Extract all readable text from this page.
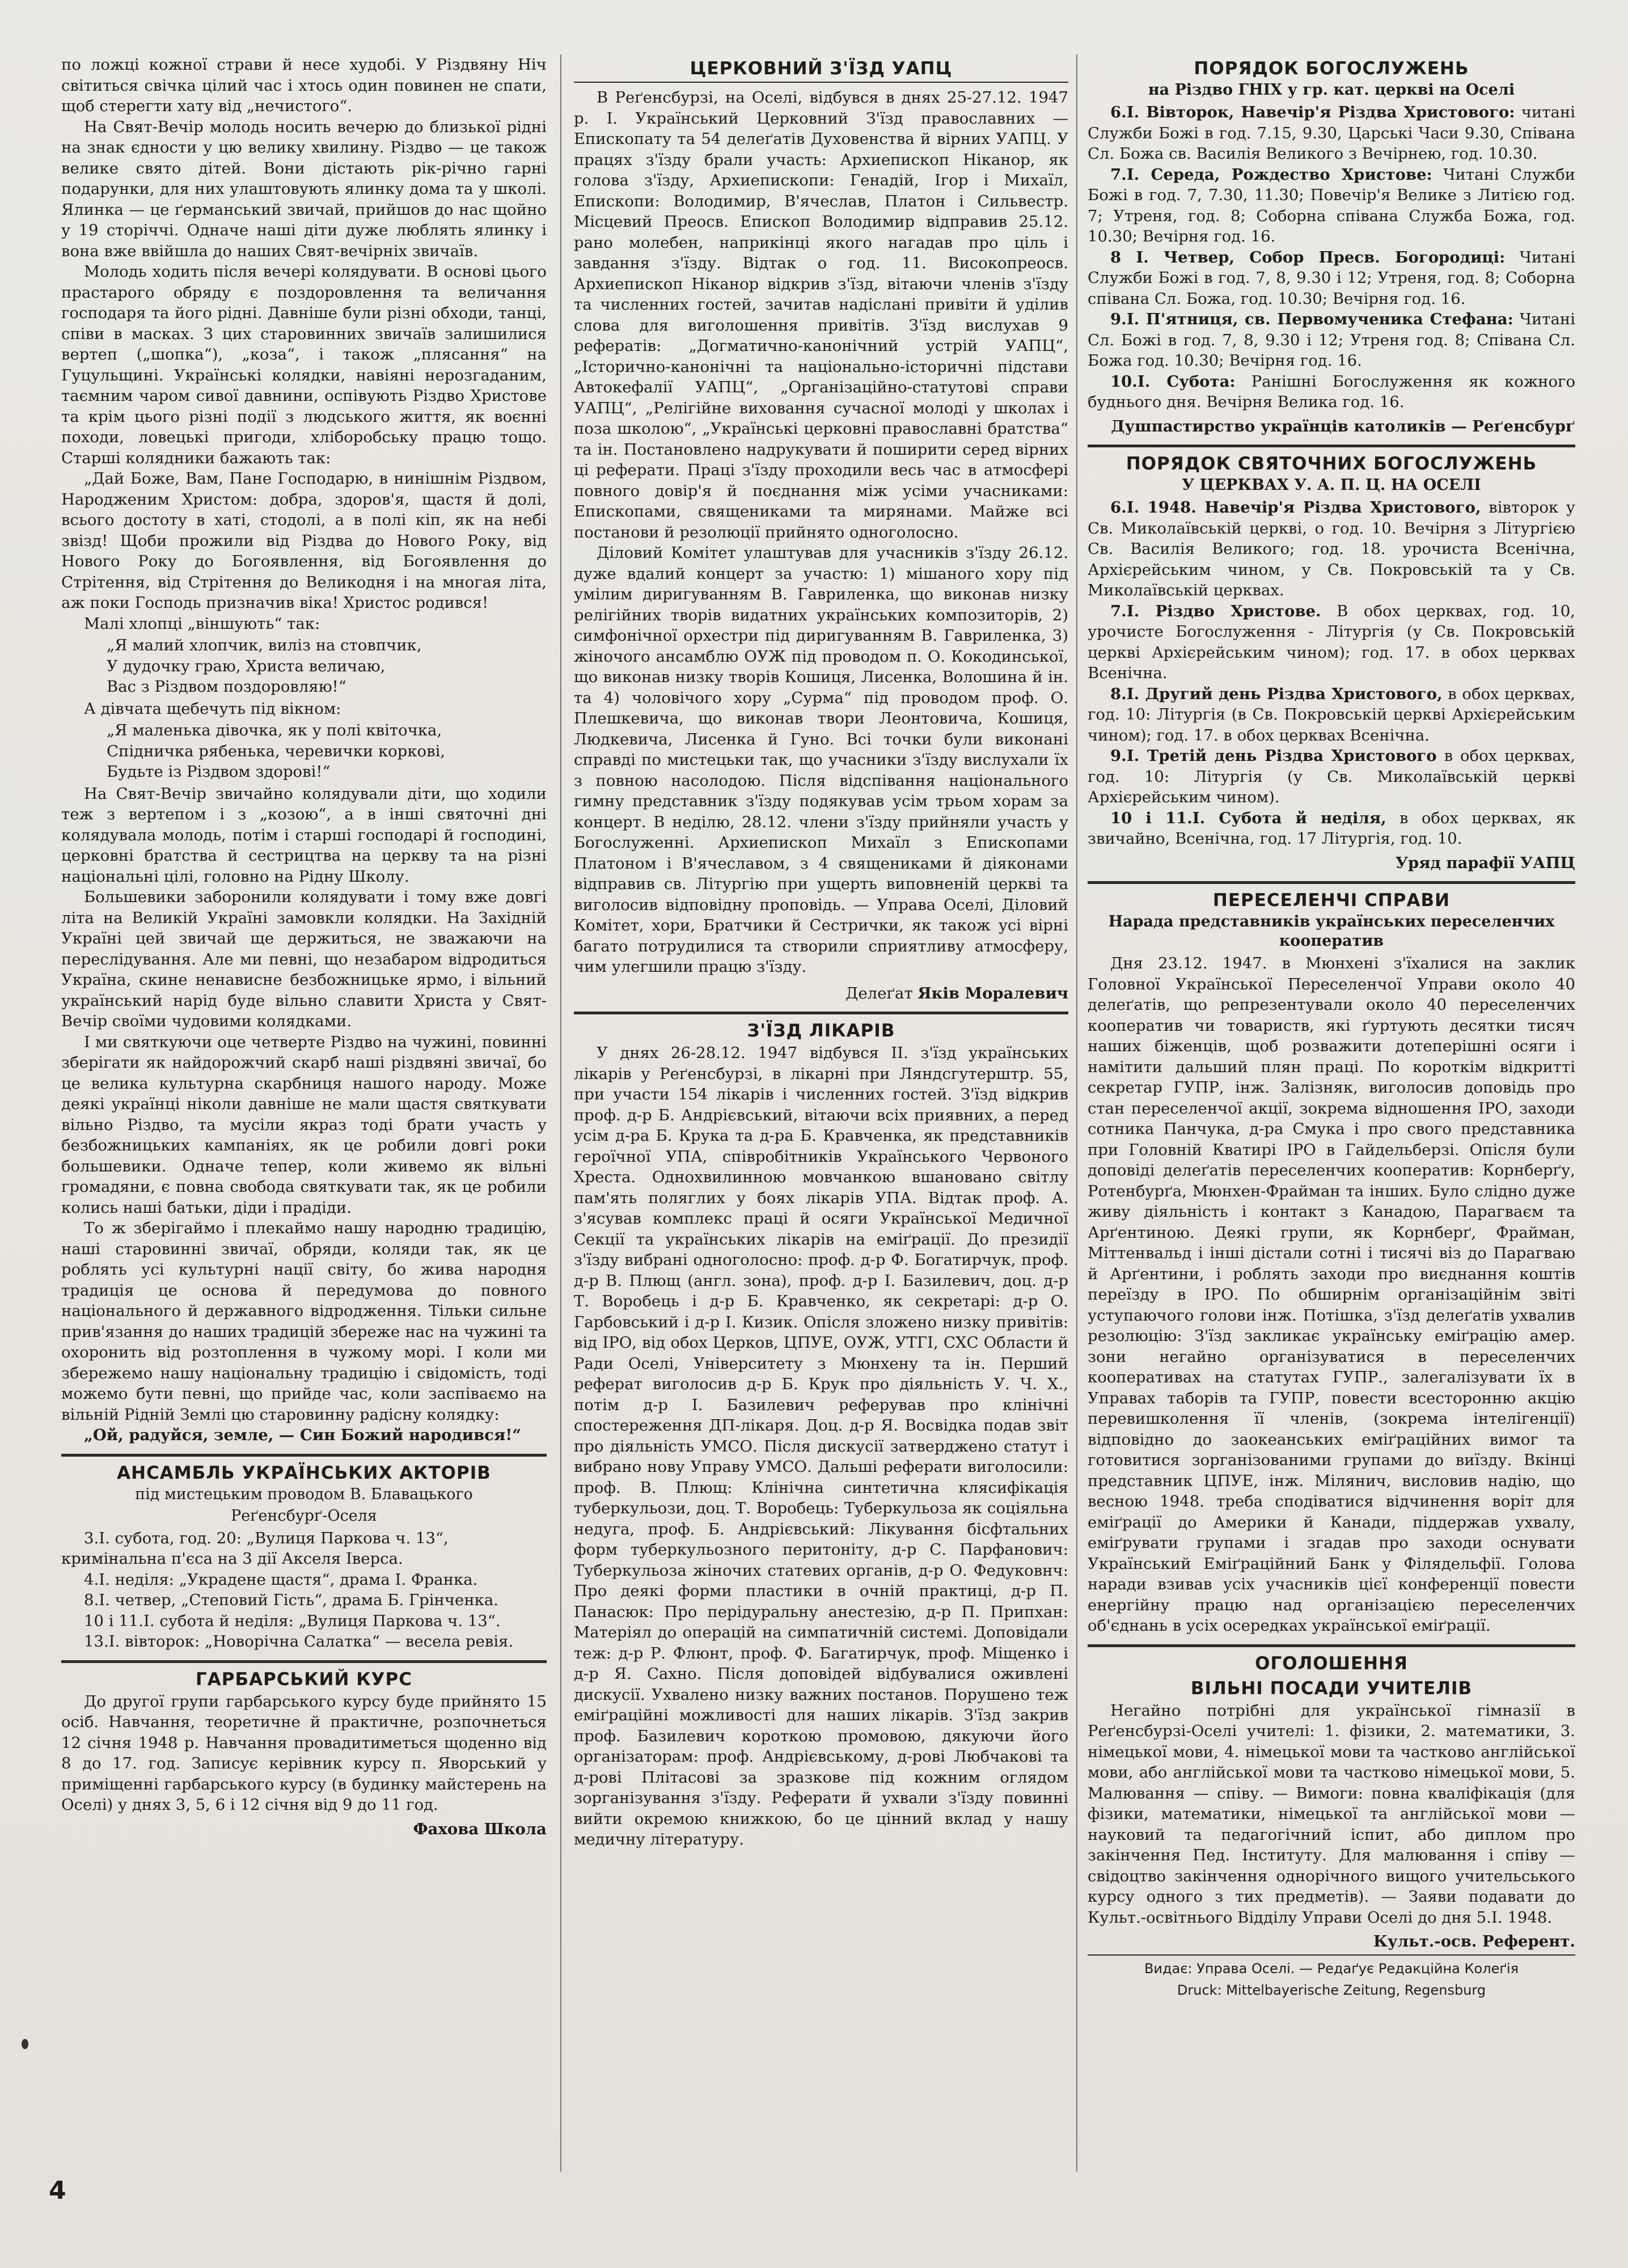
по ложці кожної страви й несе худобі. У Різдвяну Ніч світиться свічка цілий час і хтось один повинен не спати, щоб стерегти хату від „нечистого“.

На Свят-Вечір молодь носить вечерю до близької рідні на знак єдности у цю велику хвилину. Різдво — це також велике свято дітей. Вони дістають рік-річно гарні подарунки, для них улаштовують ялинку дома та у школі. Ялинка — це ґерманський звичай, прийшов до нас щойно у 19 сторіччі. Одначе наші діти дуже люблять ялинку і вона вже ввійшла до наших Свят-вечірніх звичаїв.

Молодь ходить після вечері колядувати. В основі цього прастарого обряду є поздоровлення та величання господаря та його рідні. Давніше були різні обходи, танці, співи в масках. З цих старовинних звичаїв залишилися вертеп („шопка“), „коза“, і також „плясання“ на Гуцульщині. Українські колядки, навіяні нерозгаданим, таємним чаром сивої давнини, оспівують Різдво Христове та крім цього різні події з людського життя, як воєнні походи, ловецькі пригоди, хліборобську працю тощо. Старші колядники бажають так:

„Дай Боже, Вам, Пане Господарю, в нинішнім Різдвом, Народженим Христом: добра, здоров'я, щастя й долі, всього достоту в хаті, стодолі, а в полі кіп, як на небі звізд! Щоби прожили від Різдва до Нового Року, від Нового Року до Богоявлення, від Богоявлення до Стрітення, від Стрітення до Великодня і на многая літа, аж поки Господь призначив віка! Христос родився!

Малі хлопці „віншують“ так:

„Я малий хлопчик, виліз на стовпчик,
У дудочку граю, Христа величаю,
Вас з Різдвом поздоровляю!“

А дівчата щебечуть під вікном:

„Я маленька дівочка, як у полі квіточка,
Спідничка рябенька, черевички коркові,
Будьте із Різдвом здорові!“

На Свят-Вечір звичайно колядували діти, що ходили теж з вертепом і з „козою“, а в інші святочні дні колядувала молодь, потім і старші господарі й господині, церковні братства й сестрицтва на церкву та на різні національні цілі, головно на Рідну Школу.

Большевики заборонили колядувати і тому вже довгі літа на Великій Україні замовкли колядки. На Західній Україні цей звичай ще держиться, не зважаючи на переслідування. Але ми певні, що незабаром відродиться Україна, скине ненависне безбожницьке ярмо, і вільний український нарід буде вільно славити Христа у Свят-Вечір своїми чудовими колядками.

І ми святкуючи оце четверте Різдво на чужині, повинні зберігати як найдорожчий скарб наші різдвяні звичаї, бо це велика культурна скарбниця нашого народу. Може деякі українці ніколи давніше не мали щастя святкувати вільно Різдво, та мусіли якраз тоді брати участь у безбожницьких кампаніях, як це робили довгі роки большевики. Одначе тепер, коли живемо як вільні громадяни, є повна свобода святкувати так, як це робили колись наші батьки, діди і прадіди.

То ж зберігаймо і плекаймо нашу народню традицію, наші старовинні звичаї, обряди, коляди так, як це роблять усі культурні нації світу, бо жива народня традиція це основа й передумова до повного національного й державного відродження. Тільки сильне прив'язання до наших традицій збереже нас на чужині та охоронить від розтоплення в чужому морі. І коли ми збережемо нашу національну традицію і свідомість, тоді можемо бути певні, що прийде час, коли заспіваємо на вільній Рідній Землі цю старовинну радісну колядку:

„Ой, радуйся, земле, — Син Божий народився!“

АНСАМБЛЬ УКРАЇНСЬКИХ АКТОРІВ
під мистецьким проводом В. Блавацького
Реґенсбурґ-Оселя

3.І. субота, год. 20: „Вулиця Паркова ч. 13“, кримінальна п'єса на 3 дії Акселя Іверса.

4.І. неділя: „Украдене щастя“, драма І. Франка.

8.І. четвер, „Степовий Гість“, драма Б. Грінченка.

10 і 11.І. субота й неділя: „Вулиця Паркова ч. 13“.

13.І. вівторок: „Новорічна Салатка“ — весела ревія.

ГАРБАРСЬКИЙ КУРС

До другої групи гарбарського курсу буде прийнято 15 осіб. Навчання, теоретичне й практичне, розпочнеться 12 січня 1948 р. Навчання провадитиметься щоденно від 8 до 17. год. Записує керівник курсу п. Яворський у приміщенні гарбарського курсу (в будинку майстерень на Оселі) у днях 3, 5, 6 і 12 січня від 9 до 11 год.

Фахова Школа
ЦЕРКОВНИЙ З'ЇЗД УАПЦ

В Реґенсбурзі, на Оселі, відбувся в днях 25-27.12. 1947 р. І. Український Церковний З'їзд православних — Епископату та 54 делеґатів Духовенства й вірних УАПЦ. У працях з'їзду брали участь: Архиепископ Нікaнор, як голова з'їзду, Архиепископи: Генадій, Ігор і Михаїл, Епископи: Володимир, В'ячеслав, Платон і Сильвестр. Місцевий Преосв. Епископ Володимир відправив 25.12. рано молебен, наприкінці якого нагадав про ціль і завдання з'їзду. Відтак о год. 11. Високопреосв. Архиепископ Нікaнор відкрив з'їзд, вітаючи членів з'їзду та численних гостей, зачитав надіслані привіти й уділив слова для виголошення привітів. З'їзд вислухав 9 рефератів: „Догматично-канонічний устрій УАПЦ“, „Історично-канонічні та національно-історичні підстави Автокефалії УАПЦ“, „Організаційно-статутові справи УАПЦ“, „Релігійне виховання сучасної молоді у школах і поза школою“, „Українські церковні православні братства“ та ін. Постановлено надрукувати й поширити серед вірних ці реферати. Праці з'їзду проходили весь час в атмосфері повного довір'я й поєднання між усіми учасниками: Епископами, священиками та мирянами. Майже всі постанови й резолюції прийнято одноголосно.

Діловий Комітет улаштував для учасників з'їзду 26.12. дуже вдалий концерт за участю: 1) мішаного хору під умілим диригуванням В. Гавриленка, що виконав низку релігійних творів видатних українських композиторів, 2) симфонічної орхестри під диригуванням В. Гавриленка, 3) жіночого ансамблю ОУЖ під проводом п. О. Кокодинської, що виконав низку творів Кошиця, Лисенка, Волошина й ін. та 4) чоловічого хору „Сурма“ під проводом проф. О. Плешкевича, що виконав твори Леонтовича, Кошиця, Людкевича, Лисенка й Гуно. Всі точки були виконані справді по мистецьки так, що учасники з'їзду вислухали їх з повною насолодою. Після відспівання національного гимну представник з'їзду подякував усім трьом хорам за концерт. В неділю, 28.12. члени з'їзду прийняли участь у Богослуженні. Архиепископ Михаїл з Епископами Платоном і В'ячеславом, з 4 священиками й діяконами відправив св. Літургію при ущерть виповненій церкві та виголосив відповідну проповідь. — Управа Оселі, Діловий Комітет, хори, Братчики й Сестрички, як також усі вірні багато потрудилися та створили сприятливу атмосферу, чим улегшили працю з'їзду.

Делеґат Яків Моралевич
З'ЇЗД ЛІКАРІВ

У днях 26-28.12. 1947 відбувся II. з'їзд українських лікарів у Реґенсбурзі, в лікарні при Ляндсгутерштр. 55, при участи 154 лікарів і численних гостей. З'їзд відкрив проф. д-р Б. Андрієвський, вітаючи всіх приявних, а перед усім д-ра Б. Крука та д-ра Б. Кравченка, як представників героїчної УПА, співробітників Українського Червоного Хреста. Однохвилинною мовчанкою вшановано світлу пам'ять поляглих у боях лікарів УПА. Відтак проф. А. з'ясував комплекс праці й осяги Української Медичної Секції та українських лікарів на еміґрації. До президії з'їзду вибрані одноголосно: проф. д-р Ф. Богатирчук, проф. д-р В. Плющ (англ. зона), проф. д-р І. Базилевич, доц. д-р Т. Воробець і д-р Б. Кравченко, як секретарі: д-р О. Гарбовський і д-р І. Кизик. Опісля зложено низку привітів: від ІРО, від обох Церков, ЦПУЕ, ОУЖ, УТГІ, СХС Области й Ради Оселі, Університету з Мюнхену та ін. Перший реферат виголосив д-р Б. Крук про діяльність У. Ч. Х., потім д-р І. Базилевич реферував про клінічні спостереження ДП-лікаря. Доц. д-р Я. Восвідка подав звіт про діяльність УМСО. Після дискусії затверджено статут і вибрано нову Управу УМСО. Дальші реферати виголосили: проф. В. Плющ: Клінічна синтетична клясифікація туберкульози, доц. Т. Воробець: Туберкульоза як соціяльна недуга, проф. Б. Андрієвський: Лікування бісфтальних форм туберкульозного перитоніту, д-р С. Парфанович: Туберкульоза жіночих статевих органів, д-р О. Федуковнч: Про деякі форми пластики в очній практиці, д-р П. Панасюк: Про перідуральну анестезію, д-р П. Припхан: Матеріял до операцій на симпатичній системі. Доповідали теж: д-р Р. Флюнт, проф. Ф. Багатирчук, проф. Міщенко і д-р Я. Сахно. Після доповідей відбувалися оживлені дискусії. Ухвалено низку важних постанов. Порушено теж еміґраційні можливості для наших лікарів. З'їзд закрив проф. Базилевич короткою промовою, дякуючи його організаторам: проф. Андрієвському, д-рові Любчакові та д-рові Плітасові за зразкове під кожним оглядом зорганізування з'їзду. Реферати й ухвали з'їзду повинні вийти окремою книжкою, бо це цінний вклад у нашу медичну літературу.

ПОРЯДОК БОГОСЛУЖЕНЬ
на Різдво ГНІХ у гр. кат. церкві на Оселі

6.І. Вівторок, Навечір'я Різдва Христового: читані Служби Божі в год. 7.15, 9.30, Царські Часи 9.30, Співана Сл. Божа св. Василія Великого з Вечірнею, год. 10.30.

7.І. Середа, Рождество Христове: Читані Служби Божі в год. 7, 7.30, 11.30; Повечір'я Велике з Литією год. 7; Утреня, год. 8; Соборна співана Служба Божа, год. 10.30; Вечірня год. 16.

8 І. Четвер, Собор Пресв. Богородиці: Читані Служби Божі в год. 7, 8, 9.30 і 12; Утреня, год. 8; Соборна співана Сл. Божа, год. 10.30; Вечірня год. 16.

9.І. П'ятниця, св. Первомученика Стефана: Читані Сл. Божі в год. 7, 8, 9.30 і 12; Утреня год. 8; Співана Сл. Божа год. 10.30; Вечірня год. 16.

10.І. Субота: Ранішні Богослуження як кожного буднього дня. Вечірня Велика год. 16.

Душпастирство українців католиків — Реґенсбурґ
ПОРЯДОК СВЯТОЧНИХ БОГОСЛУЖЕНЬ
У ЦЕРКВАХ У. А. П. Ц. НА ОСЕЛІ

6.І. 1948. Навечір'я Різдва Христового, вівторок у Св. Миколаївській церкві, о год. 10. Вечірня з Літургією Св. Василія Великого; год. 18. урочиста Всенічна, Архієрейським чином, у Св. Покровській та у Св. Миколаївській церквах.

7.І. Різдво Христове. В обох церквах, год. 10, урочисте Богослуження - Літургія (у Св. Покровській церкві Архієрейським чином); год. 17. в обох церквах Всенічна.

8.І. Другий день Різдва Христового, в обох церквах, год. 10: Літургія (в Св. Покровській церкві Архієрейським чином); год. 17. в обох церквах Всенічна.

9.І. Третій день Різдва Христового в обох церквах, год. 10: Літургія (у Св. Миколаївській церкві Архієрейським чином).

10 і 11.І. Субота й неділя, в обох церквах, як звичайно, Всенічна, год. 17 Літургія, год. 10.

Уряд парафії УАПЦ
ПЕРЕСЕЛЕНЧІ СПРАВИ
Нарада представників українських переселенчих кооператив

Дня 23.12. 1947. в Мюнхені з'їхалися на заклик Головної Української Переселенчої Управи около 40 делеґатів, що репрезентували около 40 переселенчих кооператив чи товариств, які ґуртують десятки тисяч наших біженців, щоб розважити дотеперішні осяги і намітити дальший плян праці. По короткім відкритті секретар ГУПР, інж. Залізняк, виголосив доповідь про стан переселенчої акції, зокрема відношення ІРО, заходи сотника Панчука, д-ра Смука і про свого представника при Головній Кватирі ІРО в Гайдельберзі. Опісля були доповіді делеґатів переселенчих кооператив: Корнберґу, Ротенбурґа, Мюнхен-Фрайман та інших. Було слідно дуже живу діяльність і контакт з Канадою, Парагваєм та Арґентиною. Деякі групи, як Корнберґ, Фрайман, Міттенвальд і інші дістали сотні і тисячі віз до Парагваю й Арґентини, і роблять заходи про виєднання коштів переїзду в ІРО. По обширнім організаційнім звіті уступаючого голови інж. Потішка, з'їзд делеґатів ухвалив резолюцію: З'їзд закликає українську еміґрацію амер. зони негайно організуватися в переселенчих кооперативах на статутах ГУПР., залегалізувати їх в Управах таборів та ГУПР, повести всесторонню акцію перевишколення її членів, (зокрема інтелігенції) відповідно до заокеанських еміґраційних вимог та готовитися зорганізованими групами до виїзду. Вкінці представник ЦПУЕ, інж. Мілянич, висловив надію, що весною 1948. треба сподіватися відчинення воріт для еміґрації до Америки й Канади, піддержав ухвалу, еміґрувати групами і згадав про заходи оснувати Український Еміґраційний Банк у Філядельфії. Голова наради взивав усіх учасників цієї конференції повести енергійну працю над організацією переселенчих об'єднань в усіх осередках української еміґрації.

ОГОЛОШЕННЯ
ВІЛЬНІ ПОСАДИ УЧИТЕЛІВ

Негайно потрібні для української гімназії в Реґенсбурзі-Оселі учителі: 1. фізики, 2. математики, 3. німецької мови, 4. німецької мови та частково англійської мови, або англійської мови та частково німецької мови, 5. Малювання — співу. — Вимоги: повна кваліфікація (для фізики, математики, німецької та англійської мови — науковий та педагогічний іспит, або диплом про закінчення Пед. Інституту. Для малювання і співу — свідоцтво закінчення однорічного вищого учительського курсу одного з тих предметів). — Заяви подавати до Культ.-освітнього Відділу Управи Оселі до дня 5.І. 1948.

Культ.-осв. Референт.
Видає: Управа Оселі. — Редаґує Редакційна Колеґія
Druck: Mittelbayerische Zeitung, Regensburg
4
